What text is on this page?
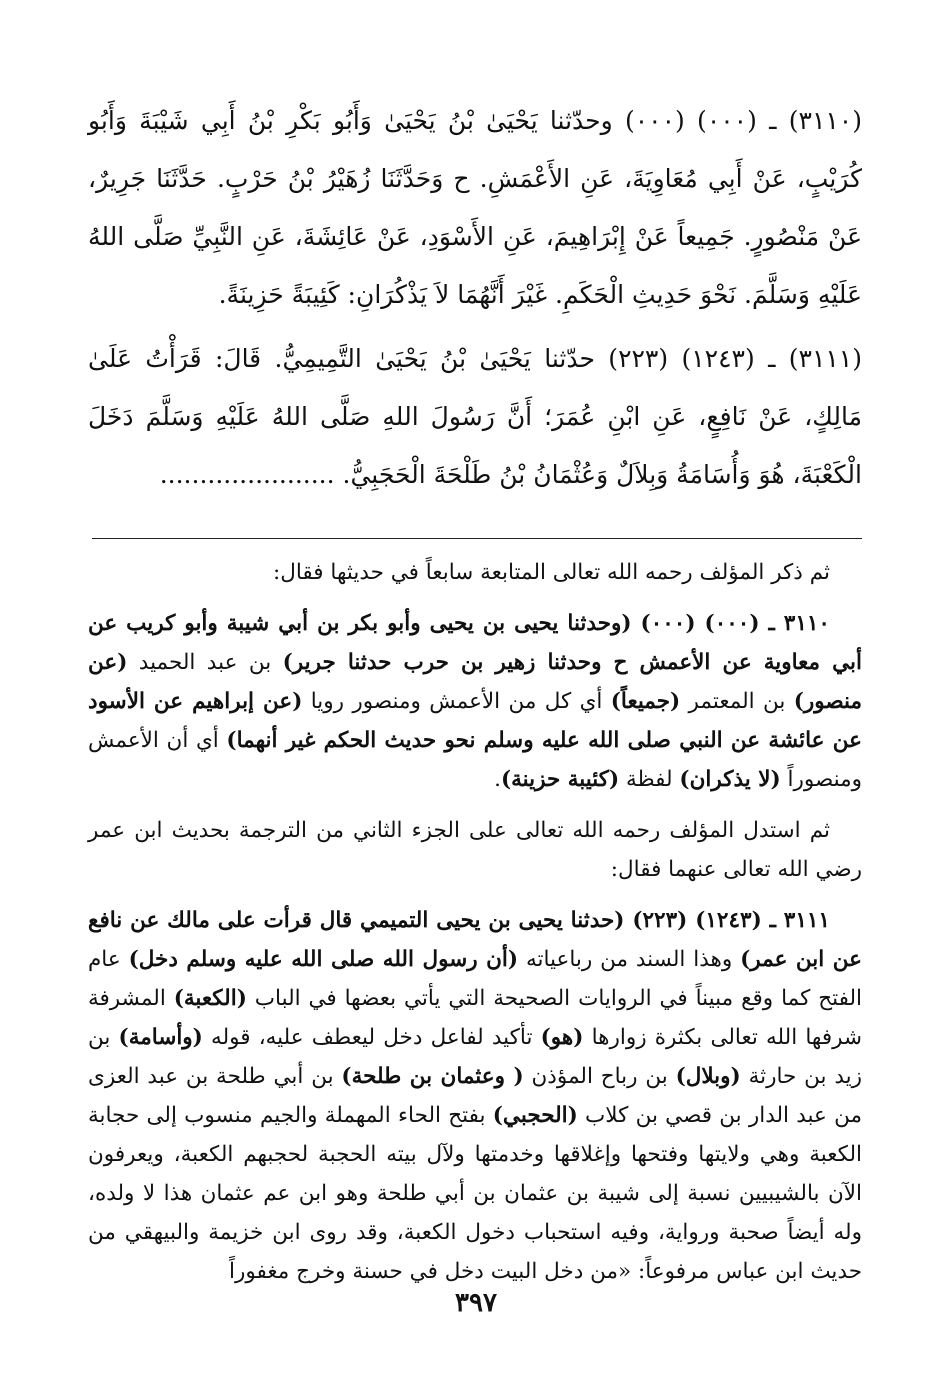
(٣١١٠) ـ (٠٠٠) (٠٠٠) وحدّثنا يَحْيَىٰ بْنُ يَحْيَىٰ وَأَبُو بَكْرِ بْنُ أَبِي شَيْبَةَ وَأَبُو كُرَيْبٍ، عَنْ أَبِي مُعَاوِيَةَ، عَنِ الأَعْمَشِ. ح وَحَدَّثَنَا زُهَيْرُ بْنُ حَرْبٍ. حَدَّثَنَا جَرِيرٌ، عَنْ مَنْصُورٍ. جَمِيعاً عَنْ إِبْرَاهِيمَ، عَنِ الأَسْوَدِ، عَنْ عَائِشَةَ، عَنِ النَّبِيِّ صَلَّى اللهُ عَلَيْهِ وَسَلَّمَ. نَحْوَ حَدِيثِ الْحَكَمِ. غَيْرَ أَنَّهُمَا لاَ يَذْكُرَانِ: كَئِيبَةً حَزِينَةً.

(٣١١١) ـ (١٢٤٣) (٢٢٣) حدّثنا يَحْيَىٰ بْنُ يَحْيَىٰ التَّمِيمِيُّ. قَالَ: قَرَأْتُ عَلَىٰ مَالِكٍ، عَنْ نَافِعٍ، عَنِ ابْنِ عُمَرَ؛ أَنَّ رَسُولَ اللهِ صَلَّى اللهُ عَلَيْهِ وَسَلَّمَ دَخَلَ الْكَعْبَةَ، هُوَ وَأُسَامَةُ وَبِلاَلٌ وَعُثْمَانُ بْنُ طَلْحَةَ الْحَجَبِيُّ. ......................

ثم ذكر المؤلف رحمه الله تعالى المتابعة سابعاً في حديثها فقال:

٣١١٠ ـ (٠٠٠) (٠٠٠) (وحدثنا يحيى بن يحيى وأبو بكر بن أبي شيبة وأبو كريب عن أبي معاوية عن الأعمش ح وحدثنا زهير بن حرب حدثنا جرير) بن عبد الحميد (عن منصور) بن المعتمر (جميعاً) أي كل من الأعمش ومنصور رويا (عن إبراهيم عن الأسود عن عائشة عن النبي صلى الله عليه وسلم نحو حديث الحكم غير أنهما) أي أن الأعمش ومنصوراً (لا يذكران) لفظة (كئيبة حزينة).

ثم استدل المؤلف رحمه الله تعالى على الجزء الثاني من الترجمة بحديث ابن عمر رضي الله تعالى عنهما فقال:

٣١١١ ـ (١٢٤٣) (٢٢٣) (حدثنا يحيى بن يحيى التميمي قال قرأت على مالك عن نافع عن ابن عمر) وهذا السند من رباعياته (أن رسول الله صلى الله عليه وسلم دخل) عام الفتح كما وقع مبيناً في الروايات الصحيحة التي يأتي بعضها في الباب (الكعبة) المشرفة شرفها الله تعالى بكثرة زوارها (هو) تأكيد لفاعل دخل ليعطف عليه، قوله (وأسامة) بن زيد بن حارثة (وبلال) بن رباح المؤذن ( وعثمان بن طلحة) بن أبي طلحة بن عبد العزى من عبد الدار بن قصي بن كلاب (الحجبي) بفتح الحاء المهملة والجيم منسوب إلى حجابة الكعبة وهي ولايتها وفتحها وإغلاقها وخدمتها ولآل بيته الحجبة لحجبهم الكعبة، ويعرفون الآن بالشيبيين نسبة إلى شيبة بن عثمان بن أبي طلحة وهو ابن عم عثمان هذا لا ولده، وله أيضاً صحبة ورواية، وفيه استحباب دخول الكعبة، وقد روى ابن خزيمة والبيهقي من حديث ابن عباس مرفوعاً: «من دخل البيت دخل في حسنة وخرج مغفوراً

٣٩٧
